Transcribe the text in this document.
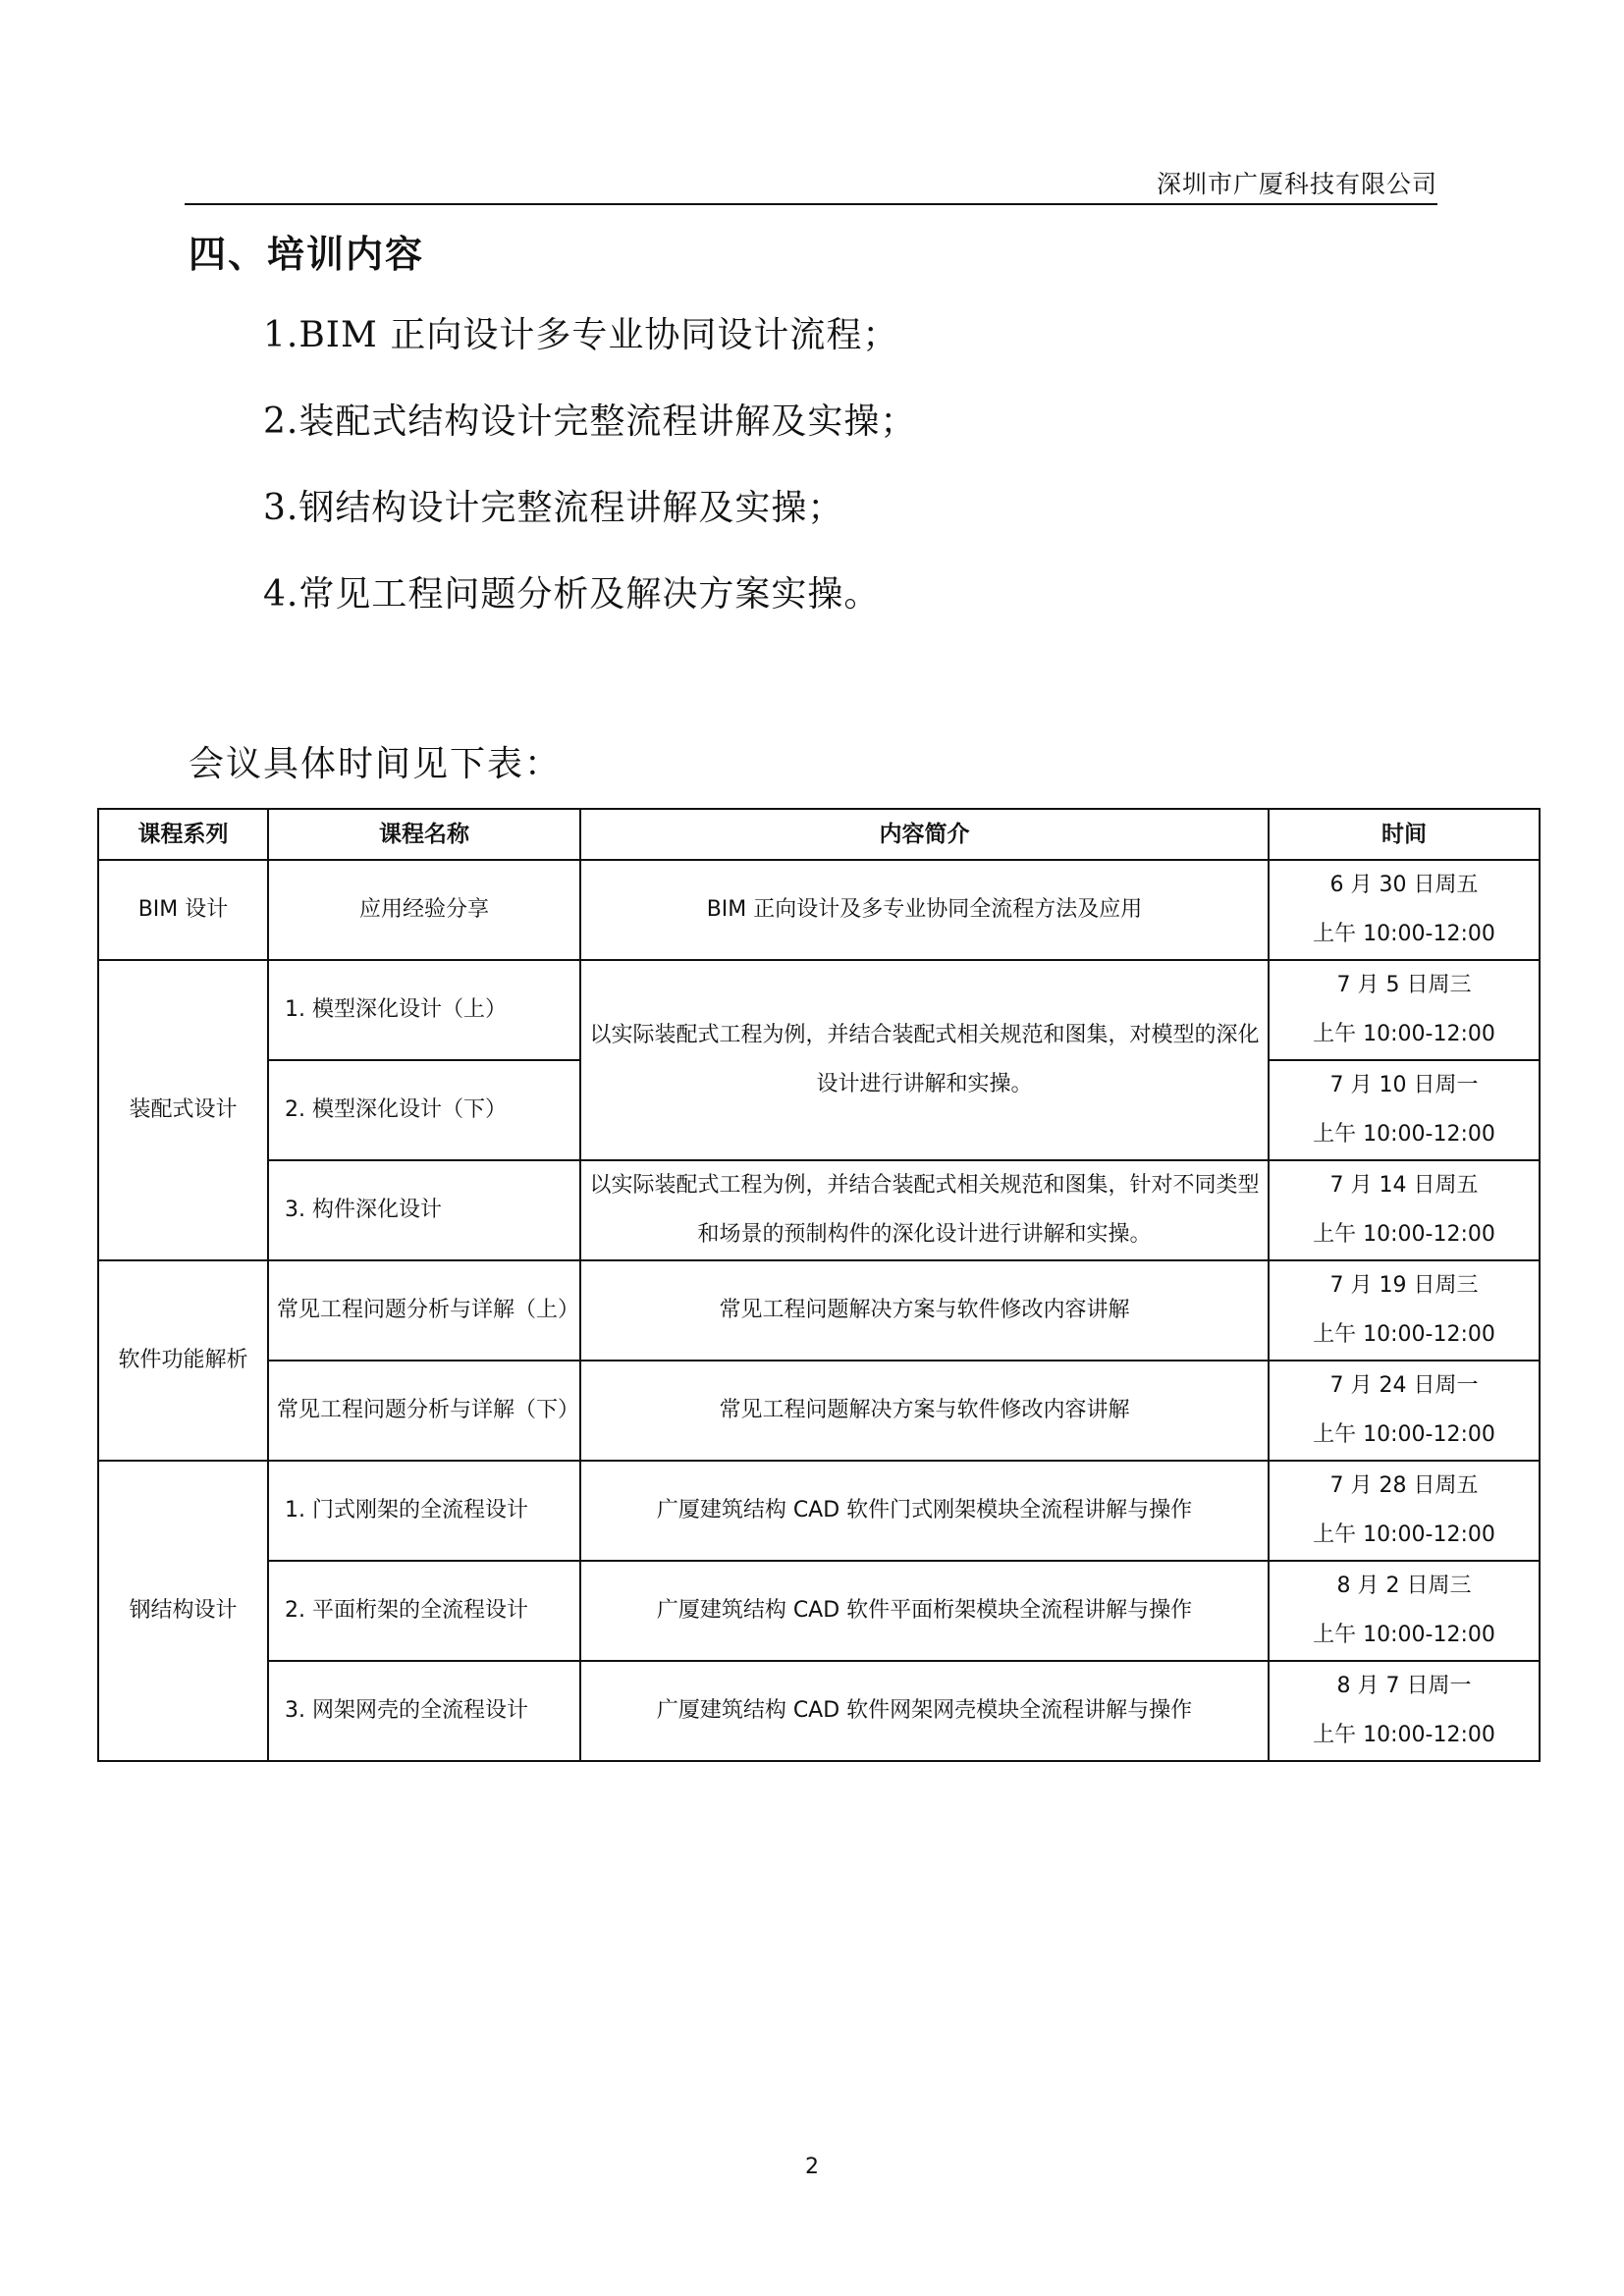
深圳市广厦科技有限公司
四、培训内容
1.BIM 正向设计多专业协同设计流程；
2.装配式结构设计完整流程讲解及实操；
3.钢结构设计完整流程讲解及实操；
4.常见工程问题分析及解决方案实操。
会议具体时间见下表：
课程系列	课程名称	内容简介	时间
BIM 设计	应用经验分享	BIM 正向设计及多专业协同全流程方法及应用	6 月 30 日周五
上午 10:00-12:00

装配式设计	1. 模型深化设计（上）	以实际装配式工程为例，并结合装配式相关规范和图集，对模型的深化设计进行讲解和实操。	7 月 5 日周三
上午 10:00-12:00

	2. 模型深化设计（下）		7 月 10 日周一
上午 10:00-12:00

	3. 构件深化设计	以实际装配式工程为例，并结合装配式相关规范和图集，针对不同类型和场景的预制构件的深化设计进行讲解和实操。	7 月 14 日周五
上午 10:00-12:00

软件功能解析	常见工程问题分析与详解（上）	常见工程问题解决方案与软件修改内容讲解	7 月 19 日周三
上午 10:00-12:00

	常见工程问题分析与详解（下）	常见工程问题解决方案与软件修改内容讲解	7 月 24 日周一
上午 10:00-12:00

钢结构设计	1. 门式刚架的全流程设计	广厦建筑结构 CAD 软件门式刚架模块全流程讲解与操作	7 月 28 日周五
上午 10:00-12:00

	2. 平面桁架的全流程设计	广厦建筑结构 CAD 软件平面桁架模块全流程讲解与操作	8 月 2 日周三
上午 10:00-12:00

	3. 网架网壳的全流程设计	广厦建筑结构 CAD 软件网架网壳模块全流程讲解与操作	8 月 7 日周一
上午 10:00-12:00
2
